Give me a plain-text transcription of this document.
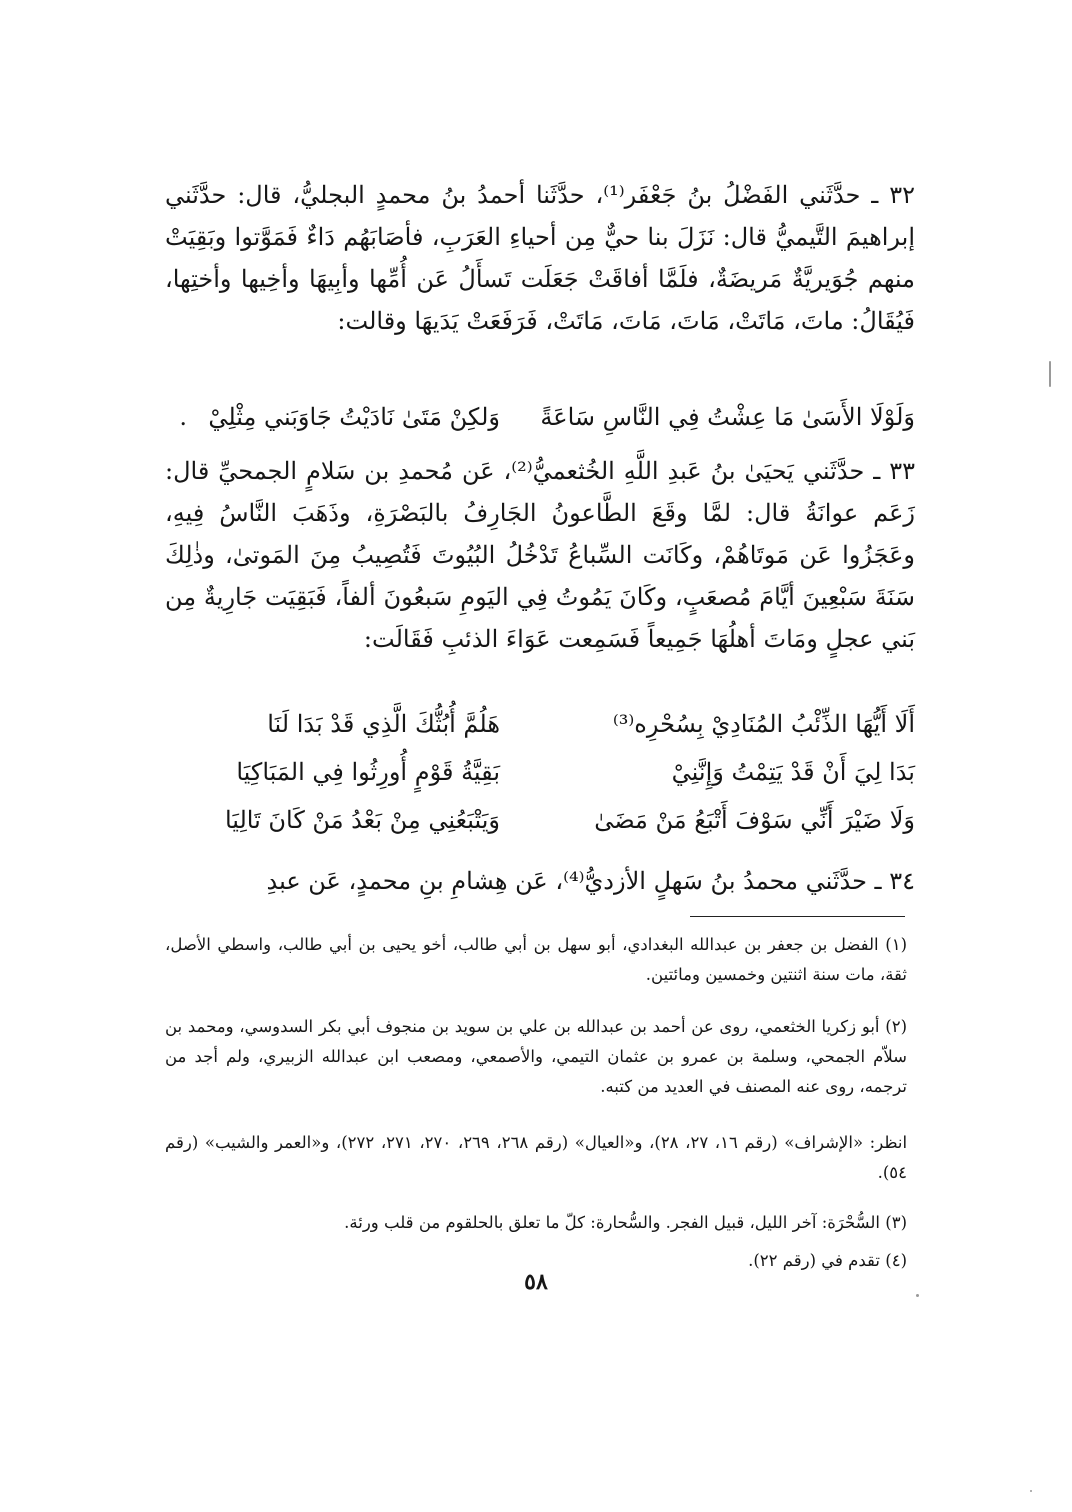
٣٢ ـ حدَّثَني الفَضْلُ بنُ جَعْفَر⁽¹⁾، حدَّثَنا أحمدُ بنُ محمدٍ البجليُّ، قال: حدَّثَني إبراهيمَ التَّيميُّ قال: نَزَلَ بنا حيٌّ مِن أحياءِ العَرَبِ، فأصَابَهُم دَاءٌ فَمَوَّتوا وبَقِيَتْ منهم جُوَيريَّةٌ مَريضَةٌ، فلَمَّا أفاقَتْ جَعَلَت تَسأَلُ عَن أُمِّها وأبِيهَا وأخِيها وأختِها، فَيُقَالُ: ماتَ، مَاتَتْ، مَاتَ، مَاتَ، مَاتَتْ، فَرَفَعَتْ يَدَيهَا وقالت:

وَلَوْلَا الأَسَىٰ مَا عِشْتُ فِي النَّاسِ سَاعَةً
وَلكِنْ مَتَىٰ نَادَيْتُ جَاوَبَني مِثْلِيْ
.

٣٣ ـ حدَّثَني يَحيَىٰ بنُ عَبدِ اللَّهِ الخُثعميُّ⁽²⁾، عَن مُحمدِ بن سَلامٍ الجمحيِّ قال: زَعَم عوانَةُ قال: لمَّا وقَعَ الطَّاعونُ الجَارِفُ بالبَصْرَةِ، وذَهَبَ النَّاسُ فِيهِ، وعَجَزُوا عَن مَوتَاهُمْ، وكَانَت السِّباعُ تَدْخُلُ البُيُوتَ فَتُصِيبُ مِنَ المَوتىٰ، وذٰلِكَ سَنَةَ سَبْعِينَ أيَّامَ مُصعَبٍ، وكَانَ يَمُوتُ فِي اليَومِ سَبعُونَ ألفاً، فَبَقِيَت جَارِيةٌ مِن بَني عجلٍ ومَاتَ أهلُهَا جَمِيعاً فَسَمِعت عَوَاءَ الذئبِ فَقَالَت:

أَلَا أَيُّهَا الذِّئْبُ المُنَادِيْ بِسُحْرِه⁽³⁾
هَلُمَّ أُبُثُّكَ الَّذِي قَدْ بَدَا لَنَا
بَدَا لِيَ أَنْ قَدْ يَتِمْتُ وَإِنَّنِيْ
بَقِيَّةُ قَوْمٍ أُورِثُوا فِي المَبَاكِيَا
وَلَا ضَيْرَ أَنِّي سَوْفَ أَتْبَعُ مَنْ مَضَىٰ
وَيَتْبَعُنِي مِنْ بَعْدُ مَنْ كَانَ تَالِيَا

٣٤ ـ حدَّثَني محمدُ بنُ سَهلٍ الأزديُّ⁽⁴⁾، عَن هِشامِ بنِ محمدٍ، عَن عبدِ

(١) الفضل بن جعفر بن عبدالله البغدادي، أبو سهل بن أبي طالب، أخو يحيى بن أبي طالب، واسطي الأصل، ثقة، مات سنة اثنتين وخمسين ومائتين.

(٢) أبو زكريا الخثعمي، روى عن أحمد بن عبدالله بن علي بن سويد بن منجوف أبي بكر السدوسي، ومحمد بن سلاّم الجمحي، وسلمة بن عمرو بن عثمان التيمي، والأصمعي، ومصعب ابن عبدالله الزبيري، ولم أجد من ترجمه، روى عنه المصنف في العديد من كتبه.

انظر: «الإشراف» (رقم ١٦، ٢٧، ٢٨)، و«العيال» (رقم ٢٦٨، ٢٦٩، ٢٧٠، ٢٧١، ٢٧٢)، و«العمر والشيب» (رقم ٥٤).

(٣) السُّحْرَة: آخر الليل، قبيل الفجر. والسُّحارة: كلّ ما تعلق بالحلقوم من قلب ورئة.

(٤) تقدم في (رقم ٢٢).

٥٨
